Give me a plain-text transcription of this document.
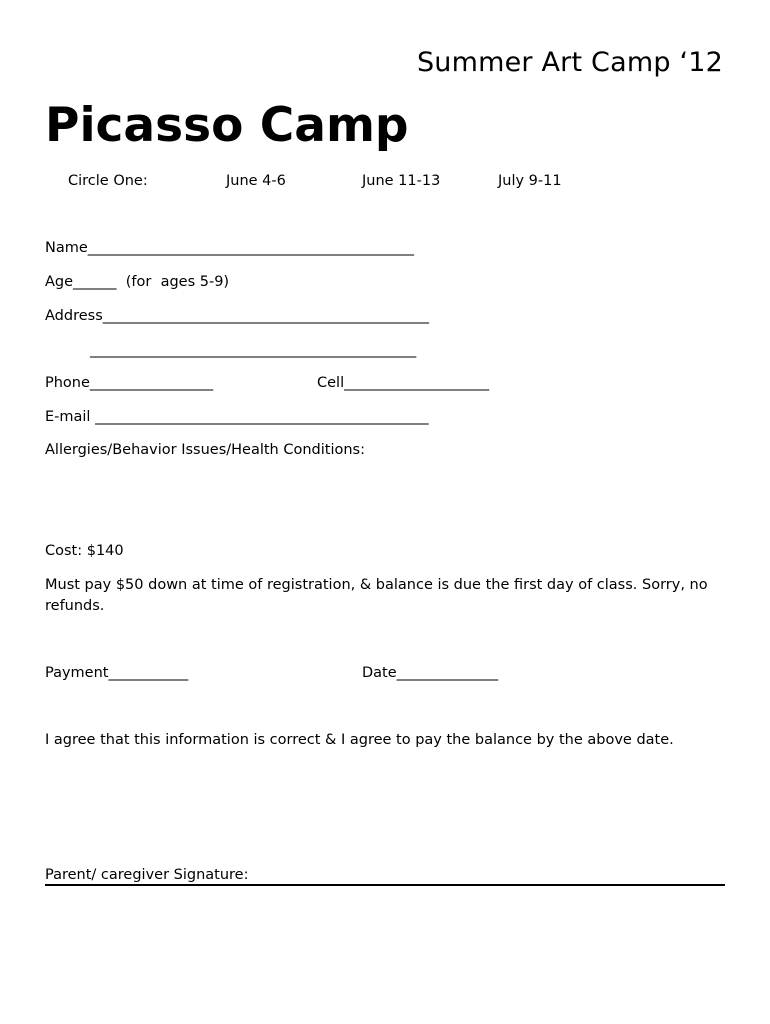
Summer Art Camp ‘12
Picasso Camp
Circle One:	June 4-6	June 11-13	July 9-11
Name_____________________________________________
Age______  (for  ages 5-9)
Address_____________________________________________
_____________________________________________
Phone_________________	Cell____________________
E-mail ______________________________________________
Allergies/Behavior Issues/Health Conditions:
Cost: $140
Must pay $50 down at time of registration, & balance is due the first day of class. Sorry, no refunds.
Payment___________	Date______________
I agree that this information is correct & I agree to pay the balance by the above date.
Parent/ caregiver Signature:
